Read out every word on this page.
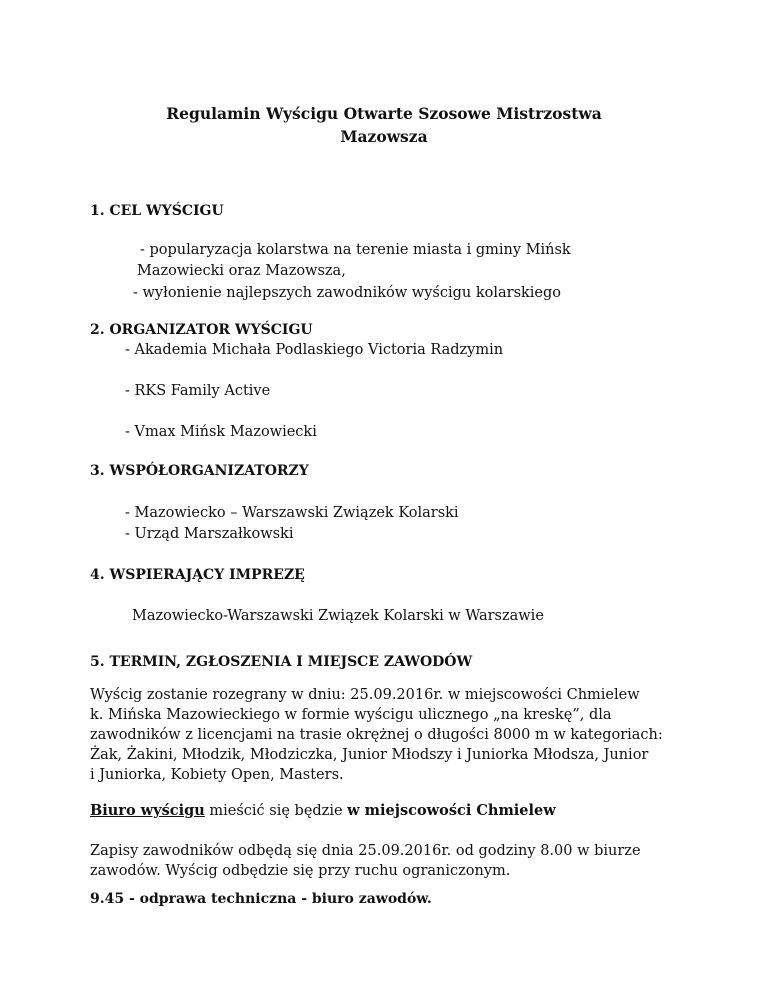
Regulamin Wyścigu Otwarte Szosowe Mistrzostwa
Mazowsza
1. CEL WYŚCIGU
- popularyzacja kolarstwa na terenie miasta i gminy Mińsk
Mazowiecki oraz Mazowsza,
- wyłonienie najlepszych zawodników wyścigu kolarskiego
2. ORGANIZATOR WYŚCIGU
- Akademia Michała Podlaskiego Victoria Radzymin
- RKS Family Active
- Vmax Mińsk Mazowiecki
3. WSPÓŁORGANIZATORZY
- Mazowiecko – Warszawski Związek Kolarski
- Urząd Marszałkowski
4. WSPIERAJĄCY IMPREZĘ
Mazowiecko-Warszawski Związek Kolarski w Warszawie
5. TERMIN, ZGŁOSZENIA I MIEJSCE ZAWODÓW
Wyścig zostanie rozegrany w dniu: 25.09.2016r. w miejscowości Chmielew
k. Mińska Mazowieckiego w formie wyścigu ulicznego „na kreskę”, dla
zawodników z licencjami na trasie okrężnej o długości 8000 m w kategoriach:
Żak, Żakini, Młodzik, Młodziczka, Junior Młodszy i Juniorka Młodsza, Junior
i Juniorka, Kobiety Open, Masters.
Biuro wyścigu mieścić się będzie w miejscowości Chmielew
Zapisy zawodników odbędą się dnia 25.09.2016r. od godziny 8.00 w biurze
zawodów. Wyścig odbędzie się przy ruchu ograniczonym.
9.45 - odprawa techniczna - biuro zawodów.
